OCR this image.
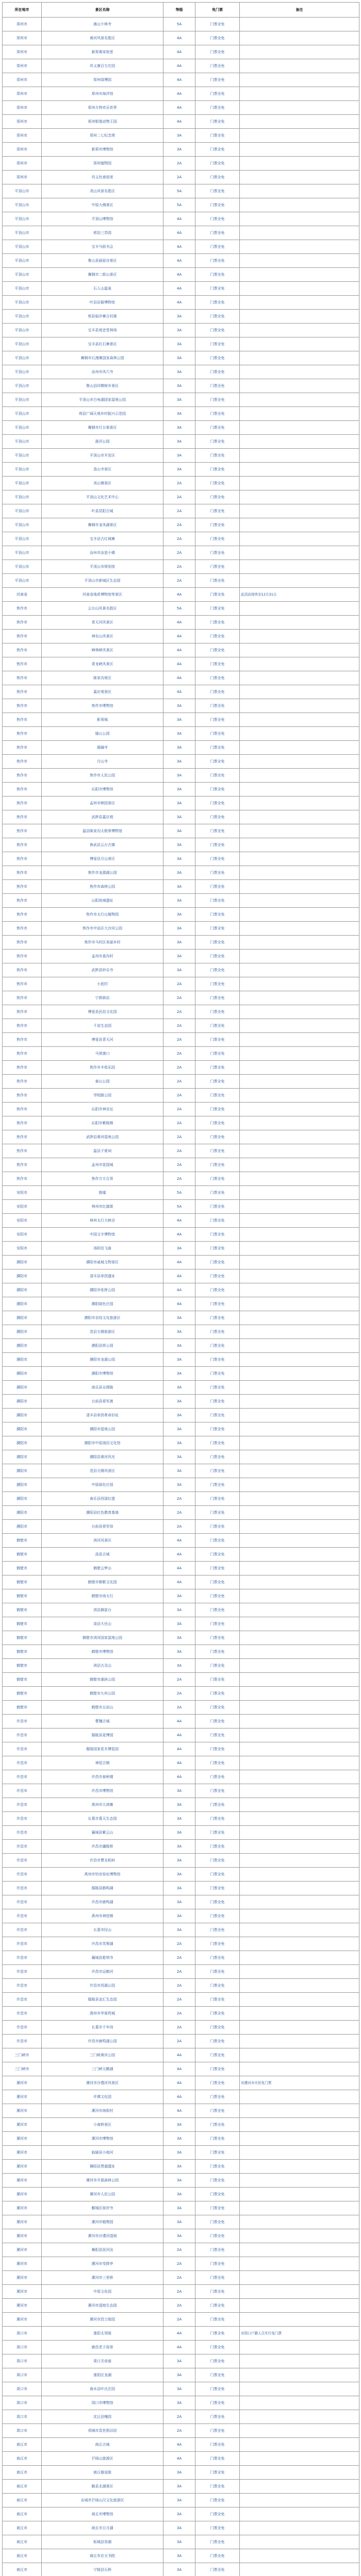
所在地市	景区名称	等级	免门票	备注
郑州市	嵩山少林寺	5A	门票全免	
郑州市	黄河风景名胜区	4A	门票全免	
郑州市	新郑黄帝故里	4A	门票全免	
郑州市	巩义康百万庄园	4A	门票全免	
郑州市	郑州绿博园	4A	门票全免	
郑州市	郑州市海洋馆	4A	门票全免	
郑州市	郑州方特欢乐世界	4A	门票全免	
郑州市	郑州银基动物王国	4A	门票全免	
郑州市	郑州二七纪念塔	3A	门票全免	
郑州市	新郑市博物馆	3A	门票全免	
郑州市	郑州植物园	2A	门票全免	
郑州市	巩义杜甫故里	2A	门票全免	
平顶山市	尧山风景名胜区	5A	门票全免	
平顶山市	中原大佛景区	5A	门票全免	
平顶山市	平顶山博物馆	4A	门票全免	
平顶山市	郏县三苏园	4A	门票全免	
平顶山市	宝丰马街书会	4A	门票全免	
平顶山市	鲁山县画眉谷景区	4A	门票全免	
平顶山市	舞钢市二郎山景区	4A	门票全免	
平顶山市	石人山温泉	4A	门票全免	
平顶山市	叶县县衙博物馆	4A	门票全免	
平顶山市	郏县临沣寨古村落	3A	门票全免	
平顶山市	宝丰县观音堂林场	3A	门票全免	
平顶山市	宝丰县红石寨景区	3A	门票全免	
平顶山市	舞钢市石漫滩国家森林公园	3A	门票全免	
平顶山市	汝州市风穴寺	3A	门票全免	
平顶山市	鲁山县四棵树乡景区	3A	门票全免	
平顶山市	平顶山市白龟湖国家湿地公园	3A	门票全免	
平顶山市	郏县广阔天地乡村振兴示范园	3A	门票全免	
平顶山市	舞钢市灯台架景区	3A	门票全免	
平顶山市	湛河公园	3A	门票全免	
平顶山市	平顶山市开发区	3A	门票全免	
平顶山市	香山寺景区	3A	门票全免	
平顶山市	尧山镇景区	2A	门票全免	
平顶山市	平顶山文化艺术中心	2A	门票全免	
平顶山市	叶县昆阳古城	2A	门票全免	
平顶山市	舞钢市龙凤湖景区	2A	门票全免	
平顶山市	宝丰县古红城寨	2A	门票全免	
平顶山市	汝州市汝瓷小镇	2A	门票全免	
平顶山市	平顶山市规划馆	2A	门票全免	
平顶山市	平顶山市新城区生态园	2A	门票全免	
河南省	河南省地质博物馆等景区	4A	门票全免	此活动持续至12月31日
焦作市	云台山风景名胜区	5A	门票全免	
焦作市	青天河风景区	4A	门票全免	
焦作市	神农山风景区	4A	门票全免	
焦作市	峰林峡风景区	4A	门票全免	
焦作市	青龙峡风景区	4A	门票全免	
焦作市	陈家沟景区	4A	门票全免	
焦作市	嘉应观景区	4A	门票全免	
焦作市	焦作市博物馆	3A	门票全免	
焦作市	影视城	3A	门票全免	
焦作市	缝山公园	3A	门票全免	
焦作市	圆融寺	3A	门票全免	
焦作市	月山寺	3A	门票全免	
焦作市	焦作市人民公园	3A	门票全免	
焦作市	沁阳市博物馆	3A	门票全免	
焦作市	孟州市韩园景区	3A	门票全免	
焦作市	武陟县嘉应观	3A	门票全免	
焦作市	温县陈家沟太极拳博物馆	3A	门票全免	
焦作市	修武县云台古镇	3A	门票全免	
焦作市	博爱县月山景区	3A	门票全免	
焦作市	焦作市龙源湖公园	3A	门票全免	
焦作市	焦作市森林公园	3A	门票全免	
焦作市	山阳故城遗址	3A	门票全免	
焦作市	焦作市太行山植物园	3A	门票全免	
焦作市	焦作市中站区大沙河公园	3A	门票全免	
焦作市	焦作市马村区美丽乡村	3A	门票全免	
焦作市	孟州市莫沟村	3A	门票全免	
焦作市	武陟县妙乐寺	3A	门票全免	
焦作市	小底村	2A	门票全免	
焦作市	宁郭驿站	2A	门票全免	
焦作市	博爱县民俗文化园	2A	门票全免	
焦作市	千亩生态园	2A	门票全免	
焦作市	博爱县青天河	2A	门票全免	
焦作市	马营渡口	2A	门票全免	
焦作市	焦作市丰收乐园	2A	门票全免	
焦作市	泰山公园	2A	门票全免	
焦作市	学院路公园	2A	门票全免	
焦作市	沁阳市神农坛	2A	门票全免	
焦作市	沁阳市紫陵镇	2A	门票全免	
焦作市	武陟县黄河湿地公园	2A	门票全免	
焦作市	温县子夏祠	2A	门票全免	
焦作市	孟州市花园城	2A	门票全免	
焦作市	焦作万方百货	2A	门票全免	
安阳市	殷墟	5A	门票全免	
安阳市	林州市红旗渠	5A	门票全免	
安阳市	林州太行大峡谷	4A	门票全免	
安阳市	中国文字博物馆	4A	门票全免	
安阳市	汤阴岳飞庙	3A	门票全免	
濮阳市	濮阳市戚城文物景区	4A	门票全免	
濮阳市	清丰县单拐遗址	4A	门票全免	
濮阳市	濮阳市张挥公园	4A	门票全免	
濮阳市	濮阳绿色庄园	4A	门票全免	
濮阳市	濮阳市杂技文化旅游区	3A	门票全免	
濮阳市	范县毛楼旅游区	3A	门票全免	
濮阳市	濮阳县挥公园	3A	门票全免	
濮阳市	濮阳市龙湖公园	3A	门票全免	
濮阳市	濮阳市博物馆	3A	门票全免	
濮阳市	南乐县仓颉陵	3A	门票全免	
濮阳市	台前县将军渡	3A	门票全免	
濮阳市	清丰县单拐革命旧址	3A	门票全免	
濮阳市	濮阳市湿地公园	3A	门票全免	
濮阳市	濮阳市中原油田文化馆	3A	门票全免	
濮阳市	濮阳县黄河风光	3A	门票全免	
濮阳市	范县毛楼风景区	3A	门票全免	
濮阳市	中原绿色庄园	3A	门票全免	
濮阳市	南乐县西邵红提	2A	门票全免	
濮阳市	濮阳县红色教育基地	2A	门票全免	
濮阳市	台前县将军馆	2A	门票全免	
鹤壁市	淇河风景区	4A	门票全免	
鹤壁市	浚县古城	4A	门票全免	
鹤壁市	鹤壁云梦山	4A	门票全免	
鹤壁市	鹤壁市朝歌文化园	4A	门票全免	
鹤壁市	鹤壁市南太行	3A	门票全免	
鹤壁市	淇县摘星台	3A	门票全免	
鹤壁市	浚县大伾山	3A	门票全免	
鹤壁市	鹤壁市淇河国家湿地公园	3A	门票全免	
鹤壁市	鹤壁市博物馆	3A	门票全免	
鹤壁市	淇县古灵山	3A	门票全免	
鹤壁市	鹤壁市湖滨公园	2A	门票全免	
鹤壁市	鹤壁市九州公园	2A	门票全免	
鹤壁市	鹤壁市五岩山	2A	门票全免	
许昌市	曹魏古城	4A	门票全免	
许昌市	鄢陵县花博园	4A	门票全免	
许昌市	鄢陵国家花木博览园	4A	门票全免	
许昌市	神垕古镇	4A	门票全免	
许昌市	许昌市春秋楼	4A	门票全免	
许昌市	许昌市博物馆	3A	门票全免	
许昌市	禹州市大鸿寨	3A	门票全免	
许昌市	长葛市葛天生态园	3A	门票全免	
许昌市	襄城县紫云山	3A	门票全免	
许昌市	许昌市灞陵桥	3A	门票全免	
许昌市	许昌市曹丞相府	3A	门票全免	
许昌市	禹州市钧官窑址博物馆	3A	门票全免	
许昌市	鄢陵县鹤鸣湖	3A	门票全免	
许昌市	许昌市鹿鸣湖	3A	门票全免	
许昌市	禹州市神垕镇	3A	门票全免	
许昌市	长葛市陉山	3A	门票全免	
许昌市	许昌市芙蓉湖	2A	门票全免	
许昌市	襄城县乾明寺	2A	门票全免	
许昌市	许昌市运粮河	2A	门票全免	
许昌市	许昌市西湖公园	2A	门票全免	
许昌市	鄢陵县金汇生态园	2A	门票全免	
许昌市	禹州市华夏药城	2A	门票全免	
许昌市	长葛市千年岗	2A	门票全免	
许昌市	许昌市鹿鸣湖公园	2A	门票全免	
三门峡市	三门峡黄河公园	4A	门票全免	
三门峡市	三门峡天鹅湖	4A	门票全免	
漯河市	漯河市沙澧河风景区	4A	门票全免	对漯河市市民免门票
漯河市	许慎文化园	4A	门票全免	
漯河市	漯河市南街村	4A	门票全免	
漯河市	小商桥景区	3A	门票全免	
漯河市	漯河市博物馆	3A	门票全免	
漯河市	临颍县小商河	3A	门票全免	
漯河市	舞阳县贾湖遗址	3A	门票全免	
漯河市	漯河市开源森林公园	3A	门票全免	
漯河市	漯河市人民公园	3A	门票全免	
漯河市	郾城区彼岸寺	3A	门票全免	
漯河市	漯河市植物园	3A	门票全免	
漯河市	漯河市沙澧河湿地	3A	门票全免	
漯河市	舞阳县泥河洼	2A	门票全免	
漯河市	漯河市受降亭	2A	门票全免	
漯河市	漯河市三里桥	2A	门票全免	
漯河市	中原文化园	2A	门票全免	
漯河市	漯河市湿地生态园	2A	门票全免	
漯河市	漯河市烈士陵园	2A	门票全免	
周口市	淮阳太昊陵	4A	门票全免	对周口户籍人员实行免门票
周口市	鹿邑老子故里	4A	门票全免	
周口市	周口关帝庙	3A	门票全免	
周口市	淮阳区龙湖	3A	门票全免	
周口市	商水县叶氏庄园	3A	门票全免	
周口市	周口市博物馆	3A	门票全免	
周口市	沈丘县槐园	2A	门票全免	
周口市	项城市袁世凯旧居	2A	门票全免	
商丘市	商丘古城	4A	门票全免	
商丘市	芒砀山旅游区	4A	门票全免	
商丘市	商丘燧皇陵	3A	门票全免	
商丘市	睢县北湖景区	3A	门票全免	
商丘市	永城市芒砀山汉文化旅游区	3A	门票全免	
商丘市	商丘市博物馆	3A	门票全免	
商丘市	商丘市日月湖	3A	门票全免	
商丘市	柘城县容湖	3A	门票全免	
商丘市	商丘市应天书院	3A	门票全免	
商丘市	宁陵县石桥	3A	门票全免	
